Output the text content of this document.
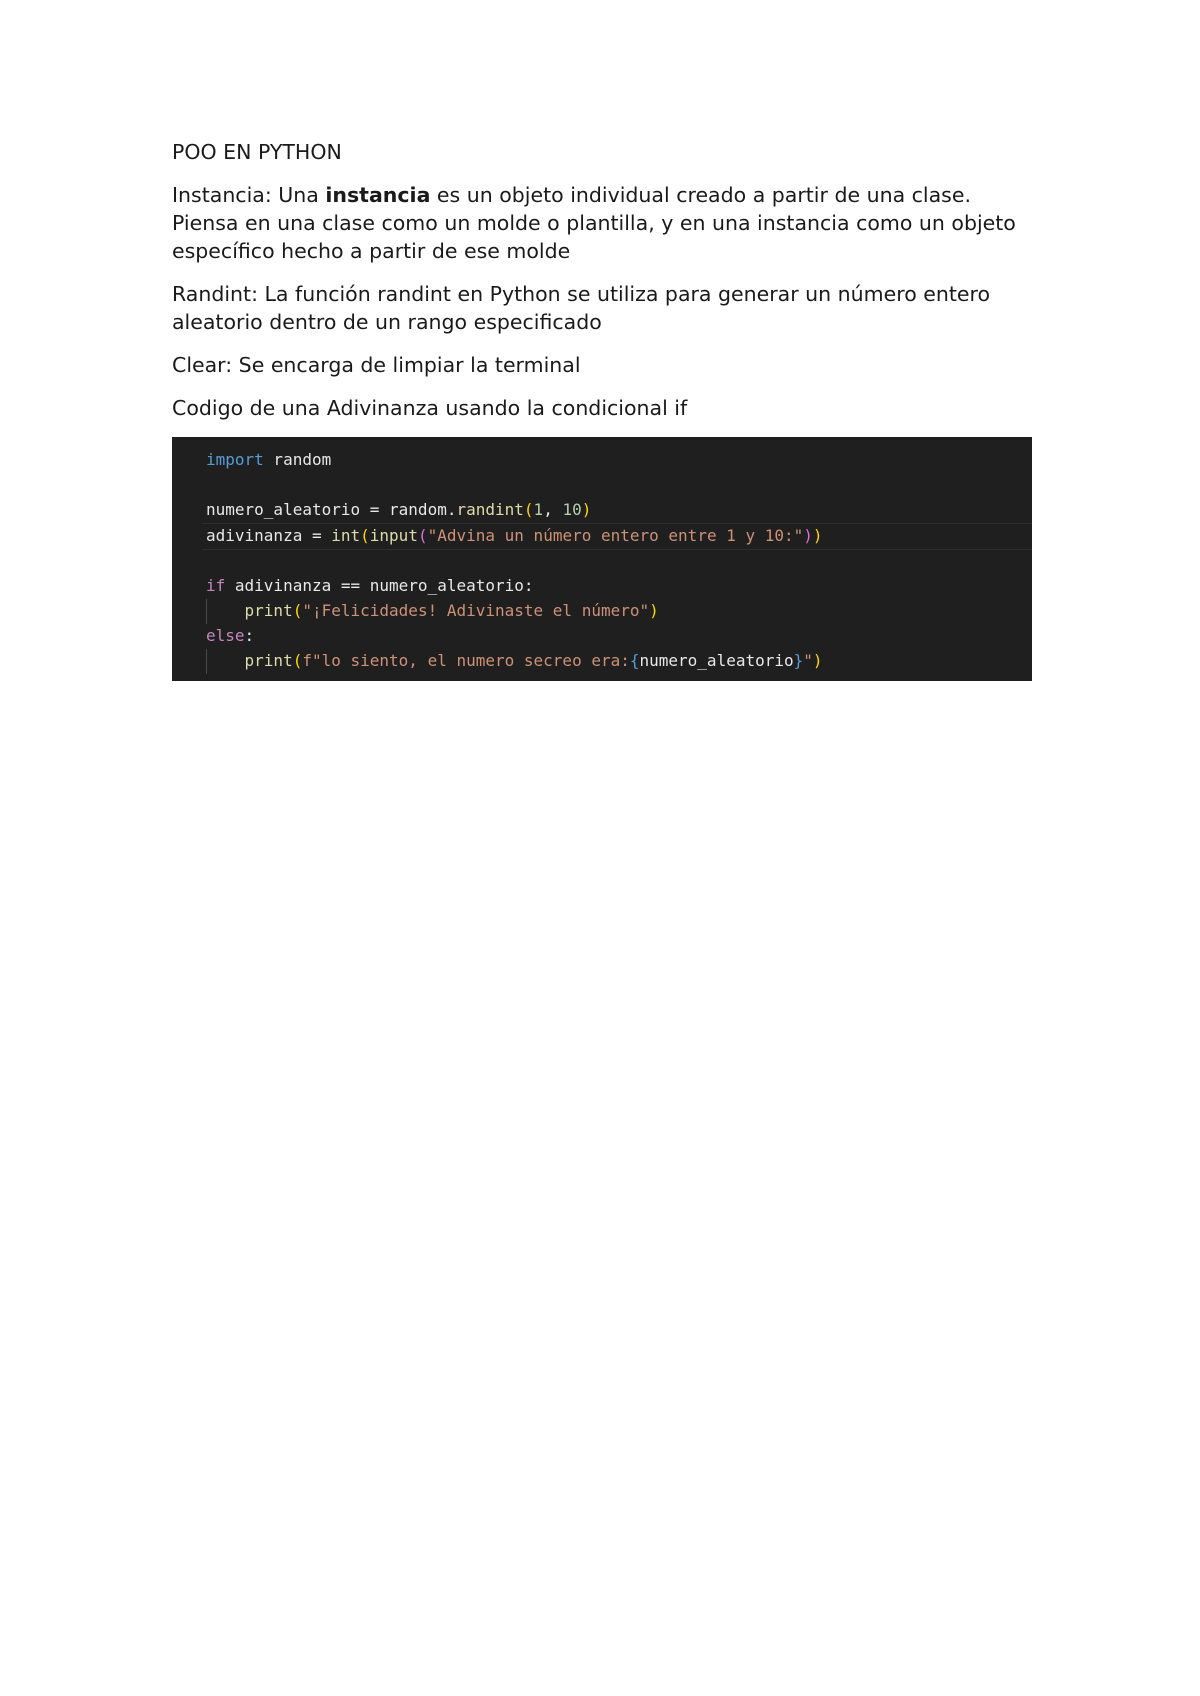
POO EN PYTHON
Instancia: Una instancia es un objeto individual creado a partir de una clase. Piensa en una clase como un molde o plantilla, y en una instancia como un objeto específico hecho a partir de ese molde
Randint: La función randint en Python se utiliza para generar un número entero aleatorio dentro de un rango especificado
Clear: Se encarga de limpiar la terminal
Codigo de una Adivinanza usando la condicional if
import random
numero_aleatorio = random.randint(1, 10)
adivinanza = int(input("Advina un número entero entre 1 y 10:"))
if adivinanza == numero_aleatorio:
print("¡Felicidades! Adivinaste el número")
else:
print(f"lo siento, el numero secreo era:{numero_aleatorio}")
